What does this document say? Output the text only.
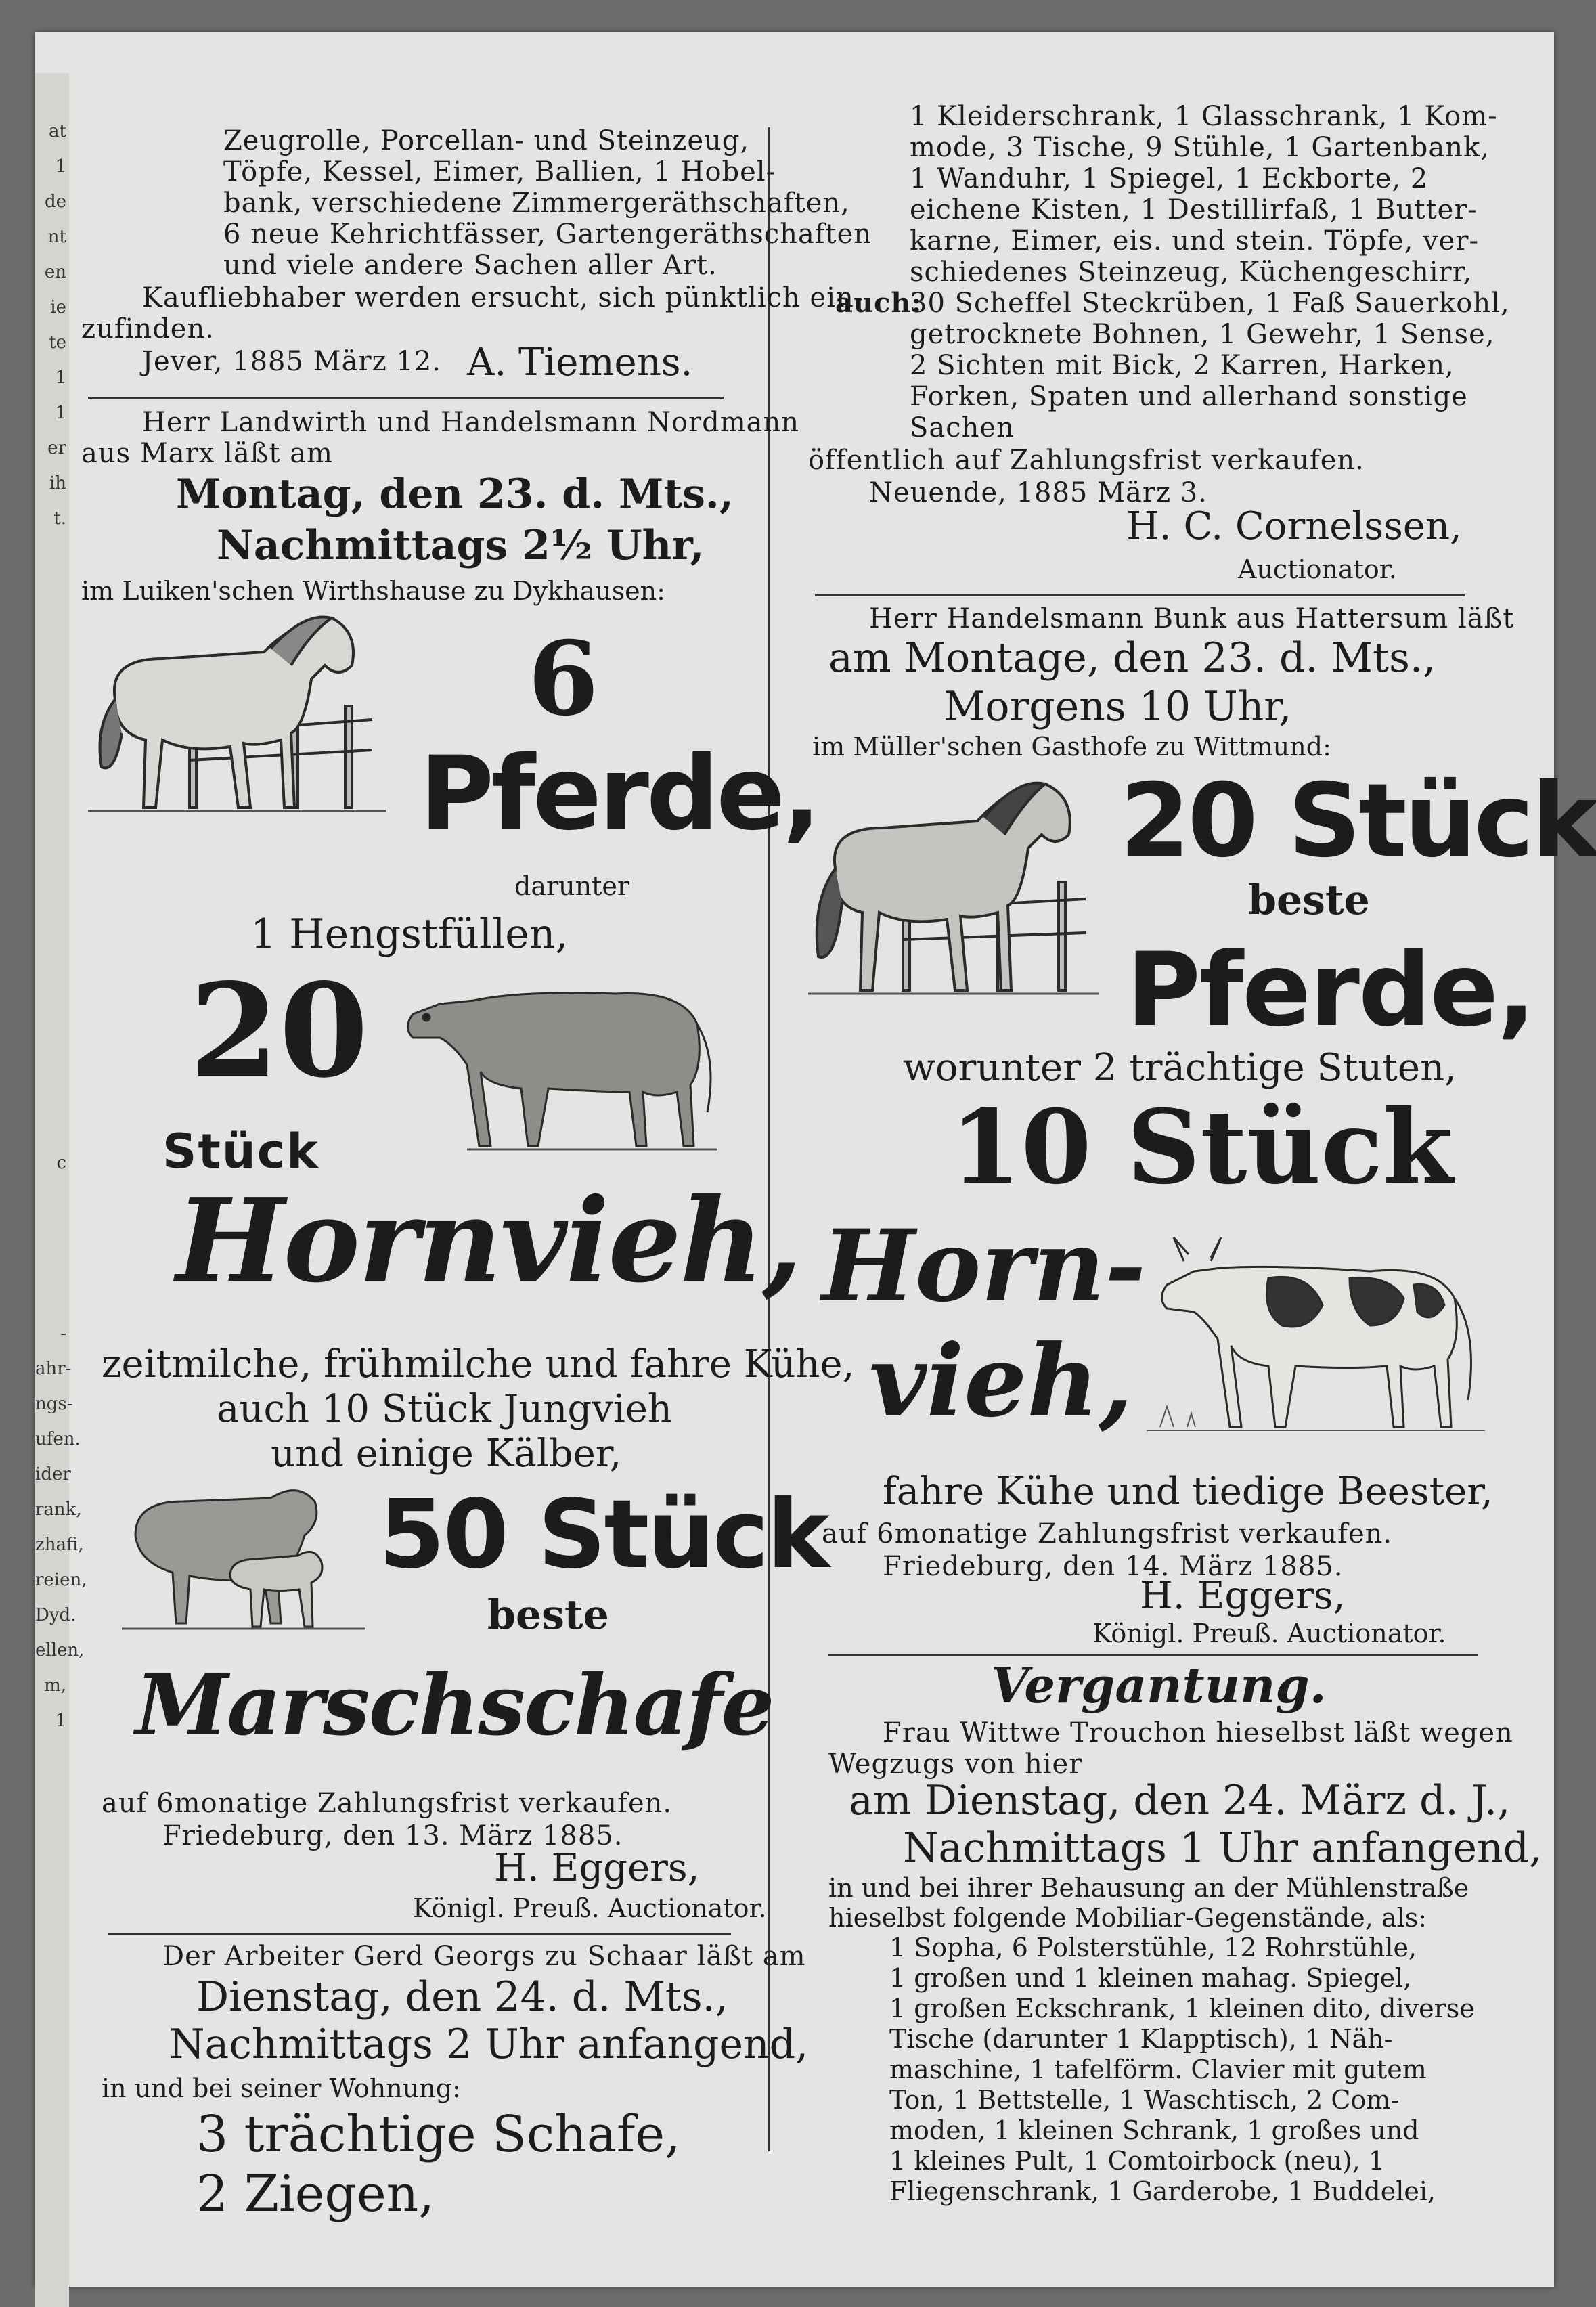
at
1
de
nt
en
ie
te
1
1
er
ih
t.
c
-
ahr-
ngs-
ufen.
ider
rank,
zhafi,
reien,
Dyd.
ellen,
m, 1
Zeugrolle, Porcellan- und Steinzeug,
Töpfe, Kessel, Eimer, Ballien, 1 Hobel-
bank, verschiedene Zimmergeräthschaften,
6 neue Kehrichtfässer, Gartengeräthschaften
und viele andere Sachen aller Art.
Kaufliebhaber werden ersucht, sich pünktlich ein-
zufinden.
Jever, 1885 März 12. A. Tiemens.
Herr Landwirth und Handelsmann Nordmann
aus Marx läßt am
Montag, den 23. d. Mts.,
Nachmittags 2½ Uhr,
im Luiken'schen Wirthshause zu Dykhausen:
6
Pferde,
darunter
1 Hengstfüllen,
20
Stück
Hornvieh,
zeitmilche, frühmilche und fahre Kühe,
auch 10 Stück Jungvieh
und einige Kälber,
50 Stück
beste
Marschschafe
auf 6monatige Zahlungsfrist verkaufen.
Friedeburg, den 13. März 1885.
H. Eggers,
Königl. Preuß. Auctionator.
Der Arbeiter Gerd Georgs zu Schaar läßt am
Dienstag, den 24. d. Mts.,
Nachmittags 2 Uhr anfangend,
in und bei seiner Wohnung:
3 trächtige Schafe,
2 Ziegen,
1 Kleiderschrank, 1 Glasschrank, 1 Kom-
mode, 3 Tische, 9 Stühle, 1 Gartenbank,
1 Wanduhr, 1 Spiegel, 1 Eckborte, 2
eichene Kisten, 1 Destillirfaß, 1 Butter-
karne, Eimer, eis. und stein. Töpfe, ver-
schiedenes Steinzeug, Küchengeschirr,
auch:
30 Scheffel Steckrüben, 1 Faß Sauerkohl,
getrocknete Bohnen, 1 Gewehr, 1 Sense,
2 Sichten mit Bick, 2 Karren, Harken,
Forken, Spaten und allerhand sonstige
Sachen
öffentlich auf Zahlungsfrist verkaufen.
Neuende, 1885 März 3.
H. C. Cornelssen,
Auctionator.
Herr Handelsmann Bunk aus Hattersum läßt
am Montage, den 23. d. Mts.,
Morgens 10 Uhr,
im Müller'schen Gasthofe zu Wittmund:
20 Stück
beste
Pferde,
worunter 2 trächtige Stuten,
10 Stück
Horn-
vieh,
fahre Kühe und tiedige Beester,
auf 6monatige Zahlungsfrist verkaufen.
Friedeburg, den 14. März 1885.
H. Eggers,
Königl. Preuß. Auctionator.
Vergantung.
Frau Wittwe Trouchon hieselbst läßt wegen
Wegzugs von hier
am Dienstag, den 24. März d. J.,
Nachmittags 1 Uhr anfangend,
in und bei ihrer Behausung an der Mühlenstraße
hieselbst folgende Mobiliar-Gegenstände, als:
1 Sopha, 6 Polsterstühle, 12 Rohrstühle,
1 großen und 1 kleinen mahag. Spiegel,
1 großen Eckschrank, 1 kleinen dito, diverse
Tische (darunter 1 Klapptisch), 1 Näh-
maschine, 1 tafelförm. Clavier mit gutem
Ton, 1 Bettstelle, 1 Waschtisch, 2 Com-
moden, 1 kleinen Schrank, 1 großes und
1 kleines Pult, 1 Comtoirbock (neu), 1
Fliegenschrank, 1 Garderobe, 1 Buddelei,
